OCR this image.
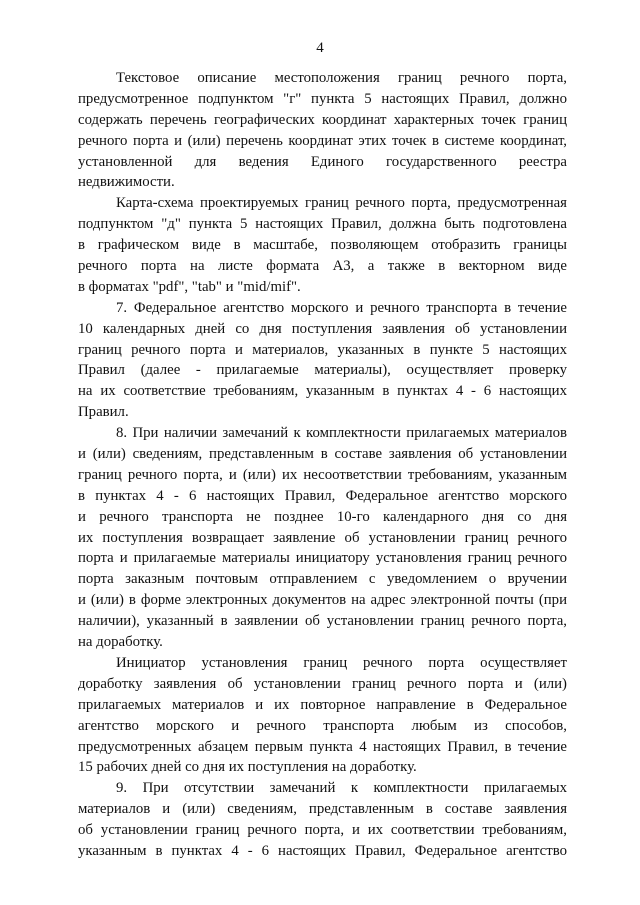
4
Текстовое описание местоположения границ речного порта,
предусмотренное подпунктом "г" пункта 5 настоящих Правил, должно
содержать перечень географических координат характерных точек границ
речного порта и (или) перечень координат этих точек в системе координат,
установленной для ведения Единого государственного реестра
недвижимости.
Карта-схема проектируемых границ речного порта, предусмотренная
подпунктом "д" пункта 5 настоящих Правил, должна быть подготовлена
в графическом виде в масштабе, позволяющем отобразить границы
речного порта на листе формата А3, а также в векторном виде
в форматах "pdf", "tab" и "mid/mif".
7. Федеральное агентство морского и речного транспорта в течение
10 календарных дней со дня поступления заявления об установлении
границ речного порта и материалов, указанных в пункте 5 настоящих
Правил (далее - прилагаемые материалы), осуществляет проверку
на их соответствие требованиям, указанным в пунктах 4 - 6 настоящих
Правил.
8. При наличии замечаний к комплектности прилагаемых материалов
и (или) сведениям, представленным в составе заявления об установлении
границ речного порта, и (или) их несоответствии требованиям, указанным
в пунктах 4 - 6 настоящих Правил, Федеральное агентство морского
и речного транспорта не позднее 10-го календарного дня со дня
их поступления возвращает заявление об установлении границ речного
порта и прилагаемые материалы инициатору установления границ речного
порта заказным почтовым отправлением с уведомлением о вручении
и (или) в форме электронных документов на адрес электронной почты (при
наличии), указанный в заявлении об установлении границ речного порта,
на доработку.
Инициатор установления границ речного порта осуществляет
доработку заявления об установлении границ речного порта и (или)
прилагаемых материалов и их повторное направление в Федеральное
агентство морского и речного транспорта любым из способов,
предусмотренных абзацем первым пункта 4 настоящих Правил, в течение
15 рабочих дней со дня их поступления на доработку.
9. При отсутствии замечаний к комплектности прилагаемых
материалов и (или) сведениям, представленным в составе заявления
об установлении границ речного порта, и их соответствии требованиям,
указанным в пунктах 4 - 6 настоящих Правил, Федеральное агентство
